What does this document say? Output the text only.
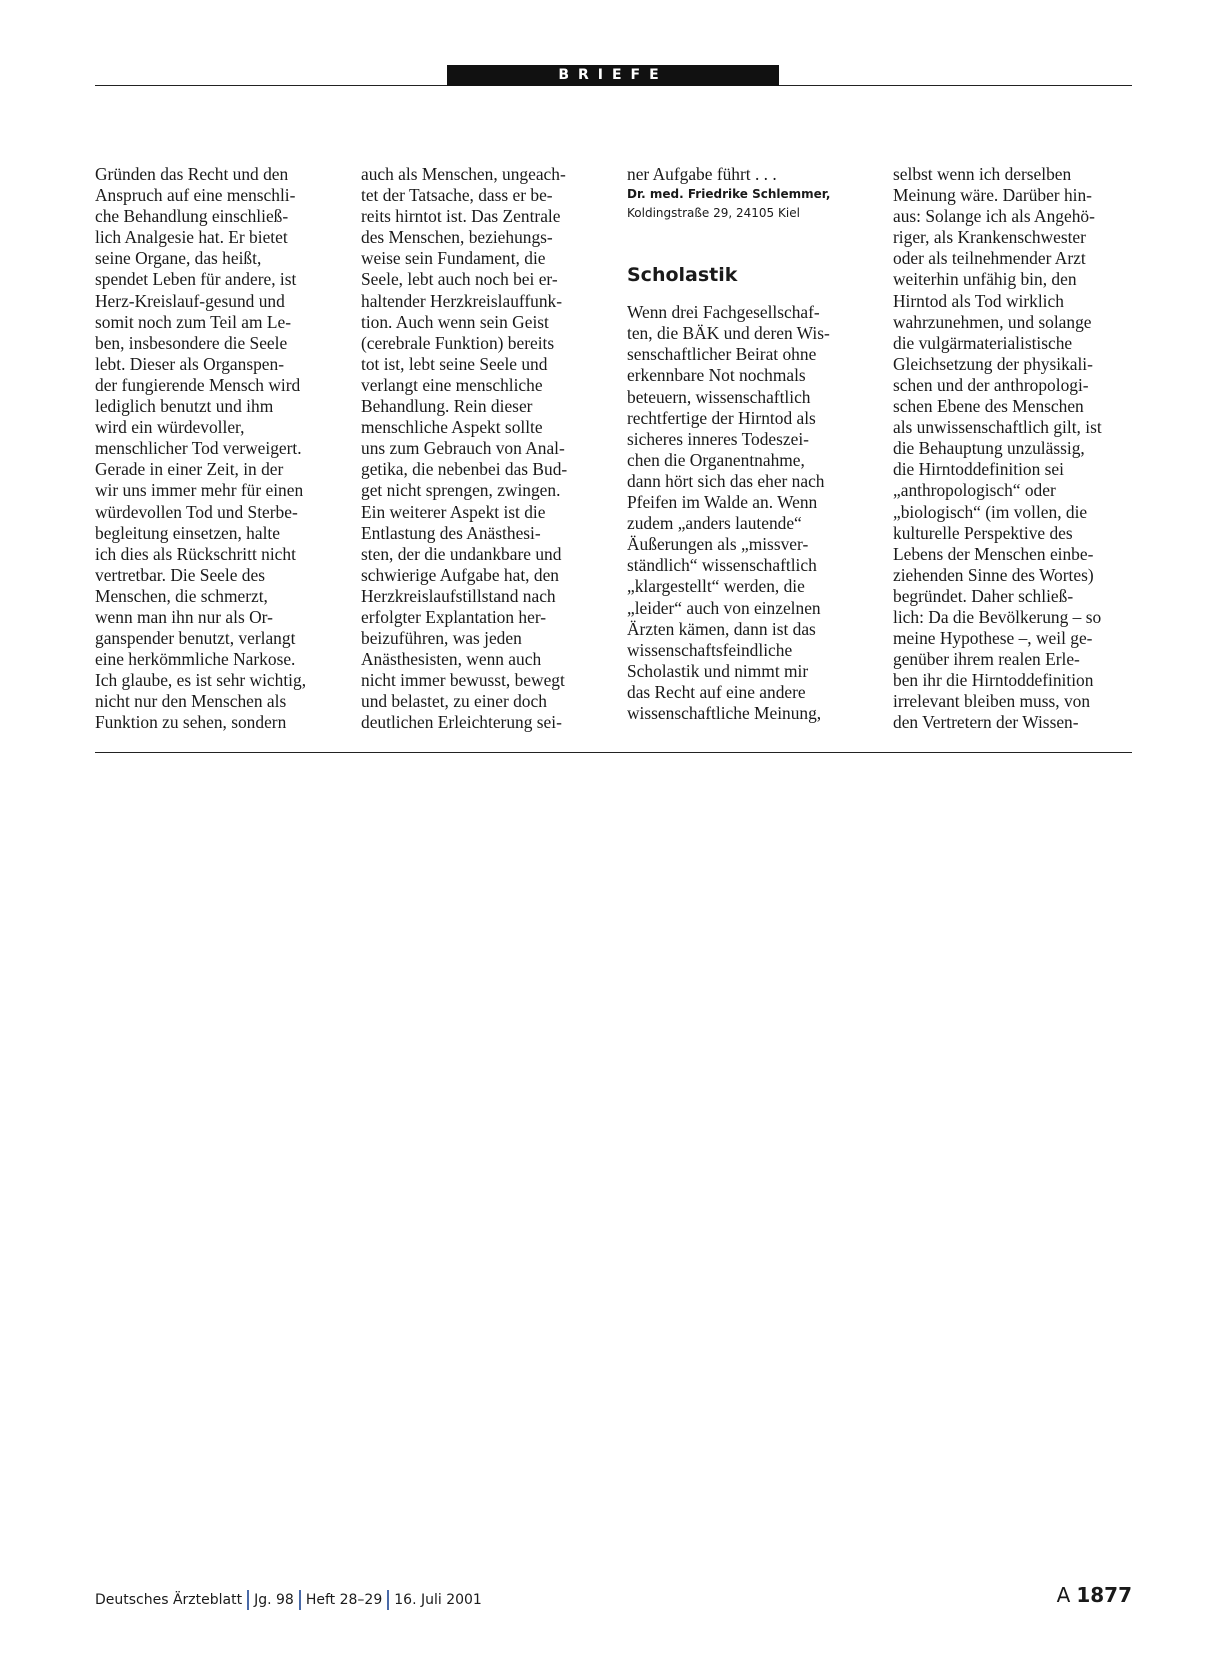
BRIEFE
Gründen das Recht und den
Anspruch auf eine menschli-
che Behandlung einschließ-
lich Analgesie hat. Er bietet
seine Organe, das heißt,
spendet Leben für andere, ist
Herz-Kreislauf-gesund und
somit noch zum Teil am Le-
ben, insbesondere die Seele
lebt. Dieser als Organspen-
der fungierende Mensch wird
lediglich benutzt und ihm
wird ein würdevoller,
menschlicher Tod verweigert.
Gerade in einer Zeit, in der
wir uns immer mehr für einen
würdevollen Tod und Sterbe-
begleitung einsetzen, halte
ich dies als Rückschritt nicht
vertretbar. Die Seele des
Menschen, die schmerzt,
wenn man ihn nur als Or-
ganspender benutzt, verlangt
eine herkömmliche Narkose.
Ich glaube, es ist sehr wichtig,
nicht nur den Menschen als
Funktion zu sehen, sondern
auch als Menschen, ungeach-
tet der Tatsache, dass er be-
reits hirntot ist. Das Zentrale
des Menschen, beziehungs-
weise sein Fundament, die
Seele, lebt auch noch bei er-
haltender Herzkreislauffunk-
tion. Auch wenn sein Geist
(cerebrale Funktion) bereits
tot ist, lebt seine Seele und
verlangt eine menschliche
Behandlung. Rein dieser
menschliche Aspekt sollte
uns zum Gebrauch von Anal-
getika, die nebenbei das Bud-
get nicht sprengen, zwingen.
Ein weiterer Aspekt ist die
Entlastung des Anästhesi-
sten, der die undankbare und
schwierige Aufgabe hat, den
Herzkreislaufstillstand nach
erfolgter Explantation her-
beizuführen, was jeden
Anästhesisten, wenn auch
nicht immer bewusst, bewegt
und belastet, zu einer doch
deutlichen Erleichterung sei-
ner Aufgabe führt . . .
Dr. med. Friedrike Schlemmer,
Koldingstraße 29, 24105 Kiel
Scholastik
Wenn drei Fachgesellschaf-
ten, die BÄK und deren Wis-
senschaftlicher Beirat ohne
erkennbare Not nochmals
beteuern, wissenschaftlich
rechtfertige der Hirntod als
sicheres inneres Todeszei-
chen die Organentnahme,
dann hört sich das eher nach
Pfeifen im Walde an. Wenn
zudem „anders lautende“
Äußerungen als „missver-
ständlich“ wissenschaftlich
„klargestellt“ werden, die
„leider“ auch von einzelnen
Ärzten kämen, dann ist das
wissenschaftsfeindliche
Scholastik und nimmt mir
das Recht auf eine andere
wissenschaftliche Meinung,
selbst wenn ich derselben
Meinung wäre. Darüber hin-
aus: Solange ich als Angehö-
riger, als Krankenschwester
oder als teilnehmender Arzt
weiterhin unfähig bin, den
Hirntod als Tod wirklich
wahrzunehmen, und solange
die vulgärmaterialistische
Gleichsetzung der physikali-
schen und der anthropologi-
schen Ebene des Menschen
als unwissenschaftlich gilt, ist
die Behauptung unzulässig,
die Hirntoddefinition sei
„anthropologisch“ oder
„biologisch“ (im vollen, die
kulturelle Perspektive des
Lebens der Menschen einbe-
ziehenden Sinne des Wortes)
begründet. Daher schließ-
lich: Da die Bevölkerung – so
meine Hypothese –, weil ge-
genüber ihrem realen Erle-
ben ihr die Hirntoddefinition
irrelevant bleiben muss, von
den Vertretern der Wissen-
Deutsches Ärzteblatt Jg. 98 Heft 28–29 16. Juli 2001	A 1877
